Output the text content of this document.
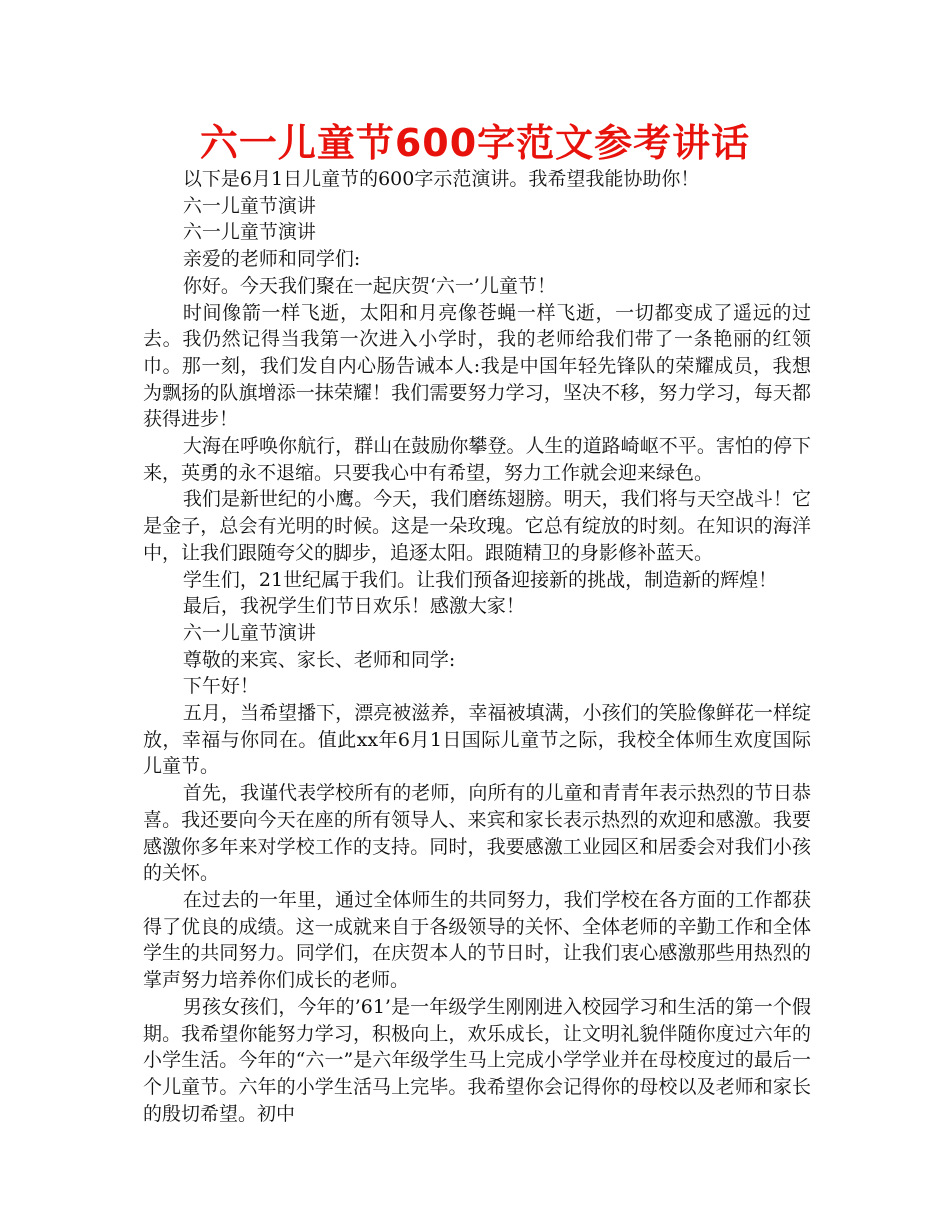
六一儿童节600字范文参考讲话

以下是6月1日儿童节的600字示范演讲。我希望我能协助你！

六一儿童节演讲

六一儿童节演讲

亲爱的老师和同学们:

你好。今天我们聚在一起庆贺‘六一’儿童节！

时间像箭一样飞逝，太阳和月亮像苍蝇一样飞逝，一切都变成了遥远的过去。我仍然记得当我第一次进入小学时，我的老师给我们带了一条艳丽的红领巾。那一刻，我们发自内心肠告诫本人:我是中国年轻先锋队的荣耀成员，我想为飘扬的队旗增添一抹荣耀！我们需要努力学习，坚决不移，努力学习，每天都获得进步！

大海在呼唤你航行，群山在鼓励你攀登。人生的道路崎岖不平。害怕的停下来，英勇的永不退缩。只要我心中有希望，努力工作就会迎来绿色。

我们是新世纪的小鹰。今天，我们磨练翅膀。明天，我们将与天空战斗！它是金子，总会有光明的时候。这是一朵玫瑰。它总有绽放的时刻。在知识的海洋中，让我们跟随夸父的脚步，追逐太阳。跟随精卫的身影修补蓝天。

学生们，21世纪属于我们。让我们预备迎接新的挑战，制造新的辉煌！

最后，我祝学生们节日欢乐！感激大家！

六一儿童节演讲

尊敬的来宾、家长、老师和同学:

下午好！

五月，当希望播下，漂亮被滋养，幸福被填满，小孩们的笑脸像鲜花一样绽放，幸福与你同在。值此xx年6月1日国际儿童节之际，我校全体师生欢度国际儿童节。

首先，我谨代表学校所有的老师，向所有的儿童和青青年表示热烈的节日恭喜。我还要向今天在座的所有领导人、来宾和家长表示热烈的欢迎和感激。我要感激你多年来对学校工作的支持。同时，我要感激工业园区和居委会对我们小孩的关怀。

在过去的一年里，通过全体师生的共同努力，我们学校在各方面的工作都获得了优良的成绩。这一成就来自于各级领导的关怀、全体老师的辛勤工作和全体学生的共同努力。同学们，在庆贺本人的节日时，让我们衷心感激那些用热烈的掌声努力培养你们成长的老师。

男孩女孩们，今年的’61’是一年级学生刚刚进入校园学习和生活的第一个假期。我希望你能努力学习，积极向上，欢乐成长，让文明礼貌伴随你度过六年的小学生活。今年的“六一”是六年级学生马上完成小学学业并在母校度过的最后一个儿童节。六年的小学生活马上完毕。我希望你会记得你的母校以及老师和家长的殷切希望。初中
